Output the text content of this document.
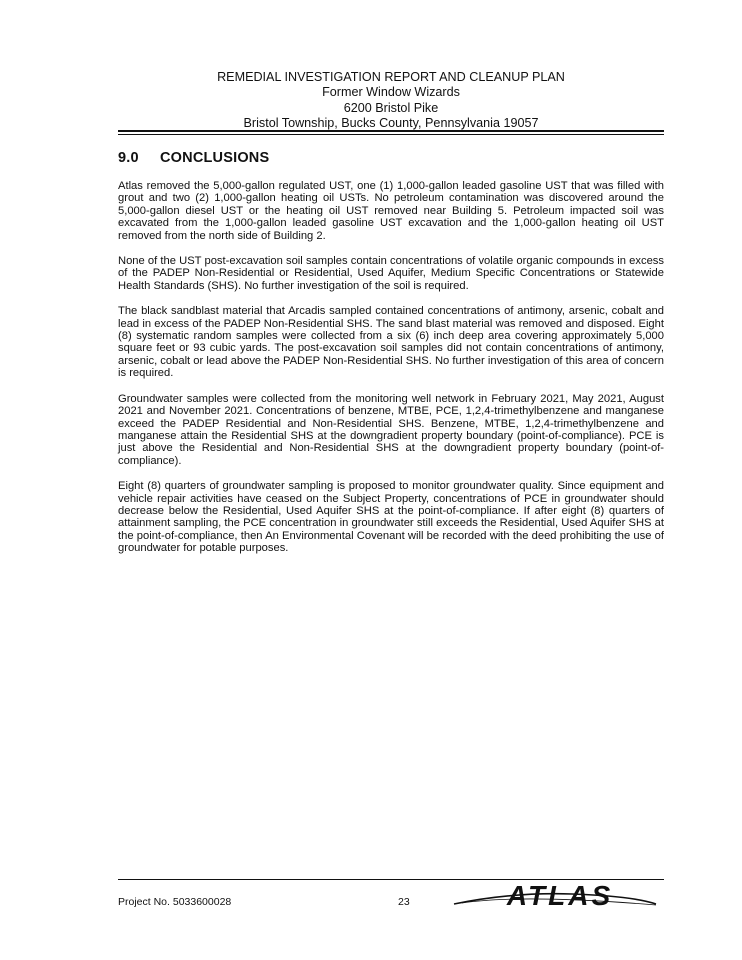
REMEDIAL INVESTIGATION REPORT AND CLEANUP PLAN
Former Window Wizards
6200 Bristol Pike
Bristol Township, Bucks County, Pennsylvania 19057
9.0 CONCLUSIONS

Atlas removed the 5,000-gallon regulated UST, one (1) 1,000-gallon leaded gasoline UST that was filled with grout and two (2) 1,000-gallon heating oil USTs. No petroleum contamination was discovered around the 5,000-gallon diesel UST or the heating oil UST removed near Building 5. Petroleum impacted soil was excavated from the 1,000-gallon leaded gasoline UST excavation and the 1,000-gallon heating oil UST removed from the north side of Building 2.

None of the UST post-excavation soil samples contain concentrations of volatile organic compounds in excess of the PADEP Non-Residential or Residential, Used Aquifer, Medium Specific Concentrations or Statewide Health Standards (SHS). No further investigation of the soil is required.

The black sandblast material that Arcadis sampled contained concentrations of antimony, arsenic, cobalt and lead in excess of the PADEP Non-Residential SHS. The sand blast material was removed and disposed. Eight (8) systematic random samples were collected from a six (6) inch deep area covering approximately 5,000 square feet or 93 cubic yards. The post-excavation soil samples did not contain concentrations of antimony, arsenic, cobalt or lead above the PADEP Non-Residential SHS. No further investigation of this area of concern is required.

Groundwater samples were collected from the monitoring well network in February 2021, May 2021, August 2021 and November 2021. Concentrations of benzene, MTBE, PCE, 1,2,4-trimethylbenzene and manganese exceed the PADEP Residential and Non-Residential SHS. Benzene, MTBE, 1,2,4-trimethylbenzene and manganese attain the Residential SHS at the downgradient property boundary (point-of-compliance). PCE is just above the Residential and Non-Residential SHS at the downgradient property boundary (point-of-compliance).

Eight (8) quarters of groundwater sampling is proposed to monitor groundwater quality. Since equipment and vehicle repair activities have ceased on the Subject Property, concentrations of PCE in groundwater should decrease below the Residential, Used Aquifer SHS at the point-of-compliance. If after eight (8) quarters of attainment sampling, the PCE concentration in groundwater still exceeds the Residential, Used Aquifer SHS at the point-of-compliance, then An Environmental Covenant will be recorded with the deed prohibiting the use of groundwater for potable purposes.

Project No. 5033600028	23	ATLAS
